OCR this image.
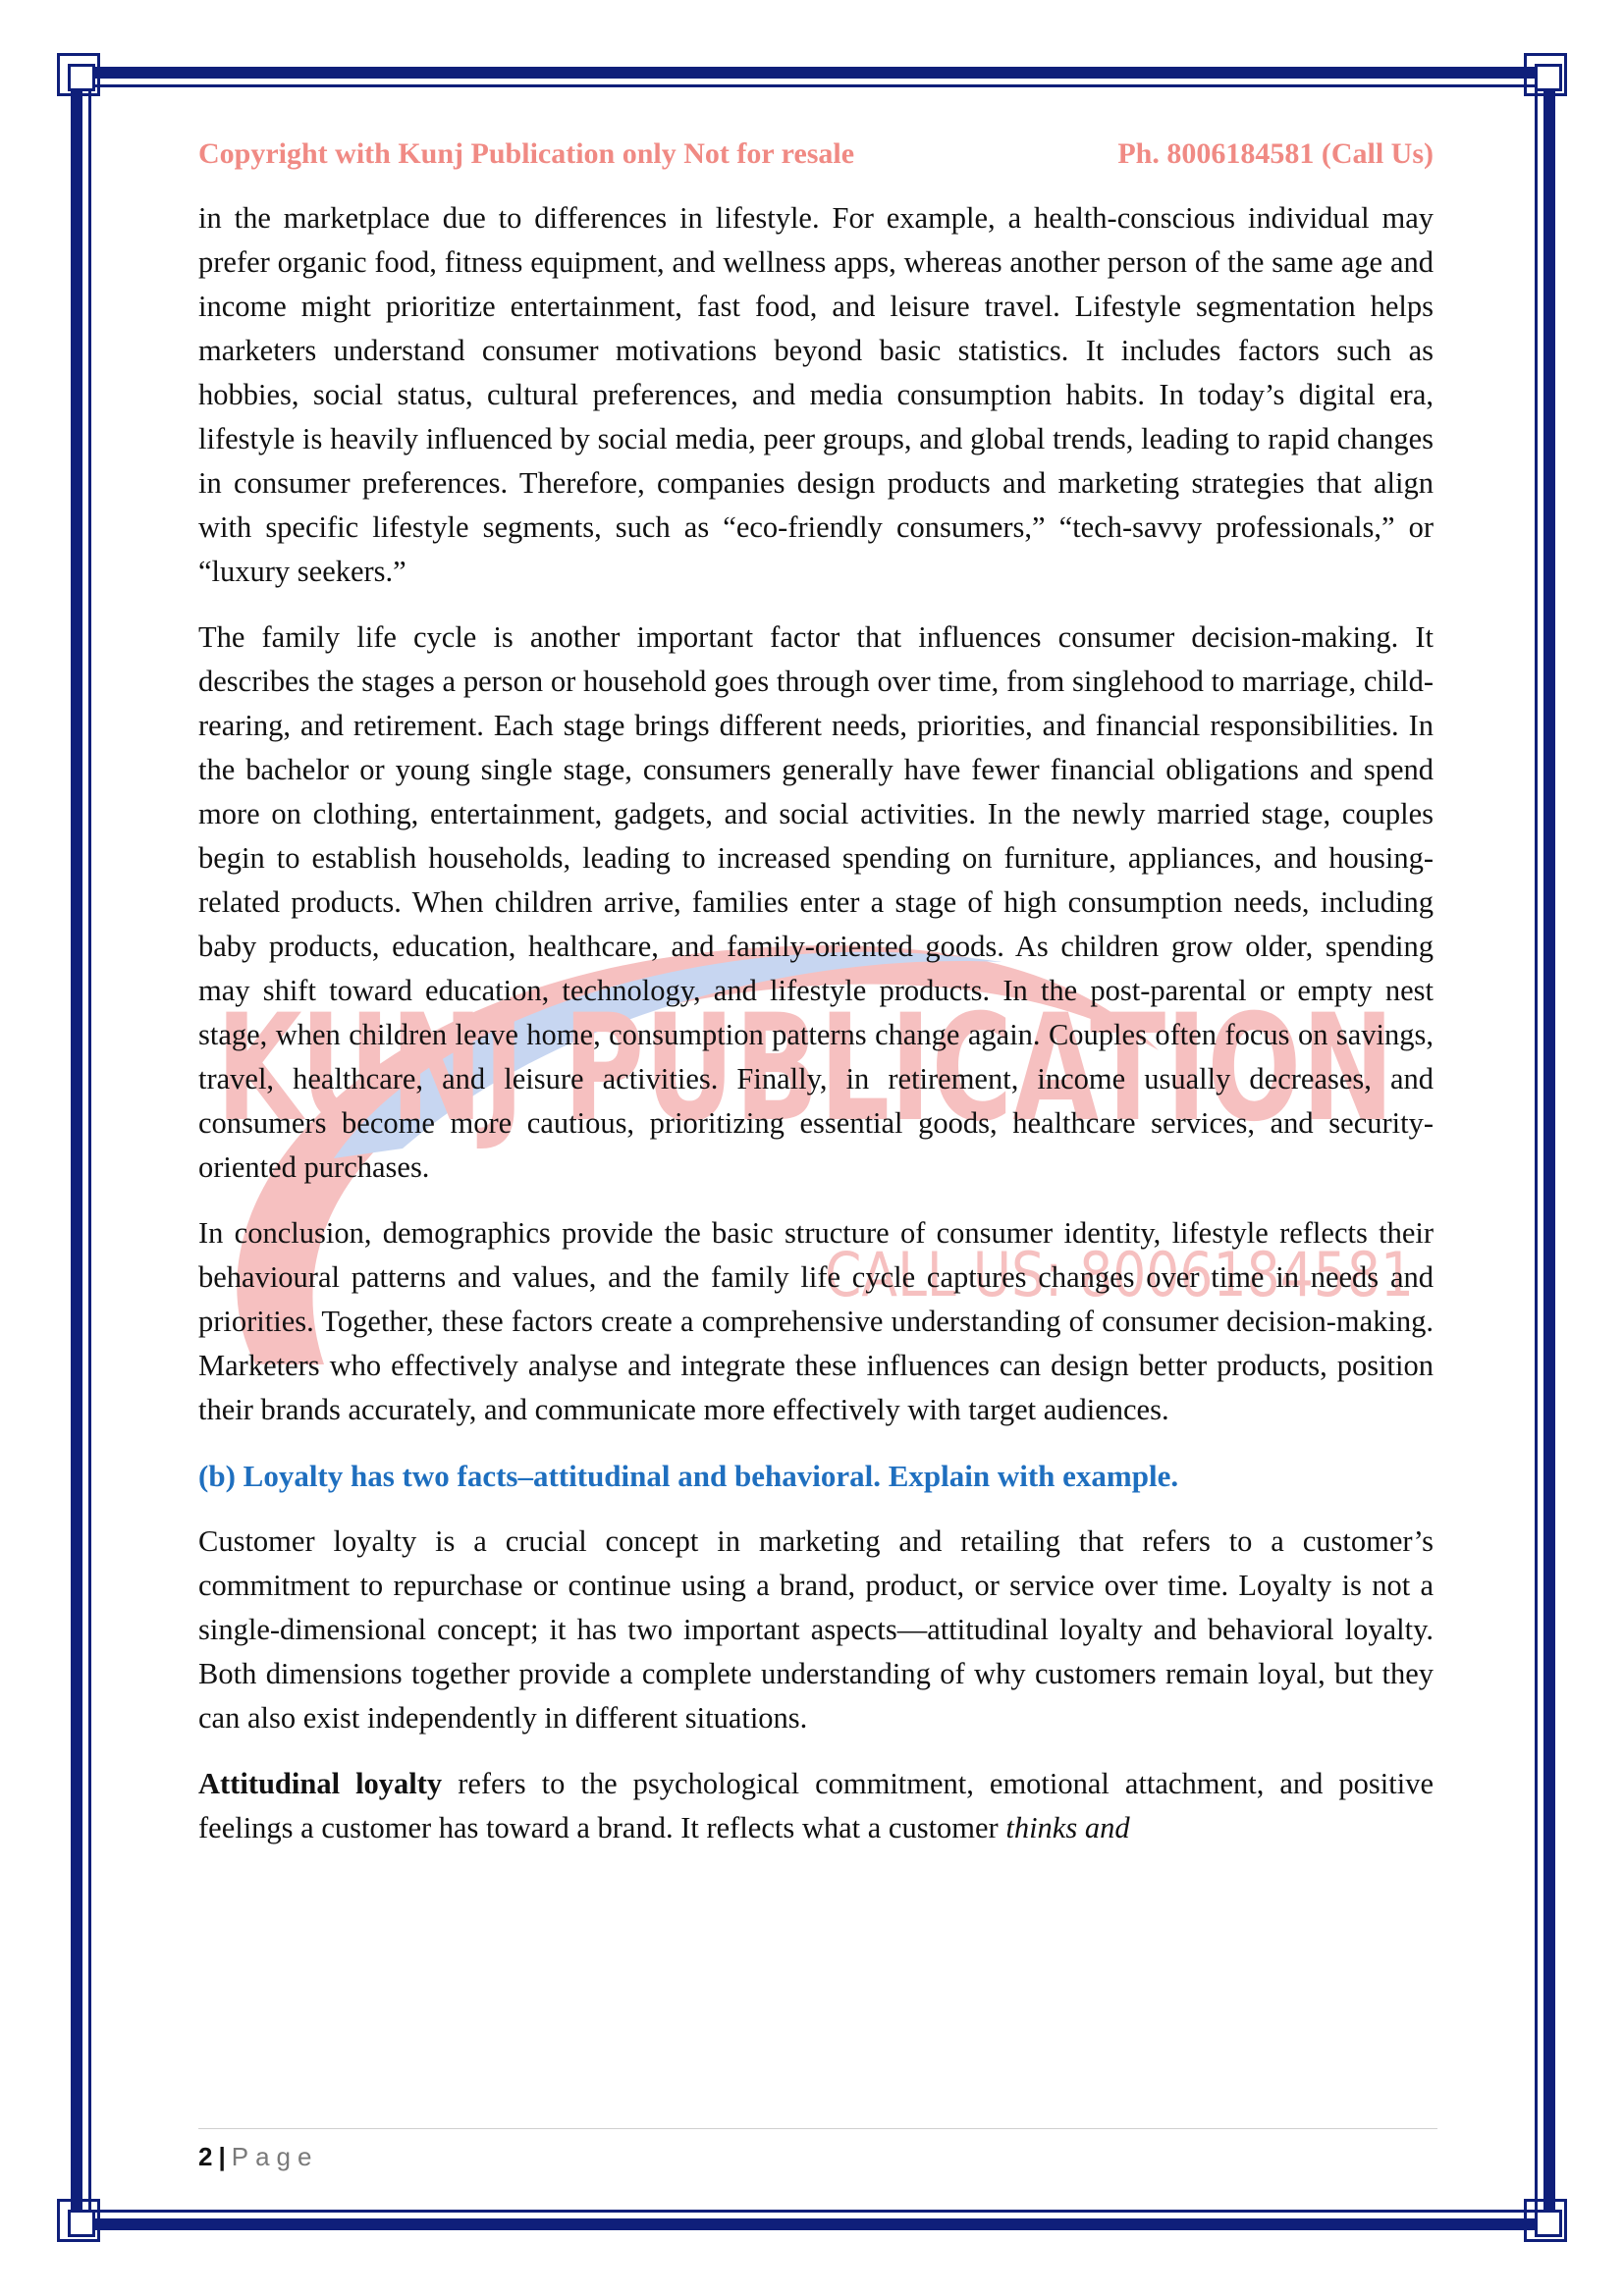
KUNJ PUBLICATION
CALL US: 8006184581
Copyright with Kunj Publication only Not for resale	Ph. 8006184581 (Call Us)

in the marketplace due to differences in lifestyle. For example, a health-conscious individual may prefer organic food, fitness equipment, and wellness apps, whereas another person of the same age and income might prioritize entertainment, fast food, and leisure travel. Lifestyle segmentation helps marketers understand consumer motivations beyond basic statistics. It includes factors such as hobbies, social status, cultural preferences, and media consumption habits. In today’s digital era, lifestyle is heavily influenced by social media, peer groups, and global trends, leading to rapid changes in consumer preferences. Therefore, companies design products and marketing strategies that align with specific lifestyle segments, such as “eco-friendly consumers,” “tech-savvy professionals,” or “luxury seekers.”

The family life cycle is another important factor that influences consumer decision-making. It describes the stages a person or household goes through over time, from singlehood to marriage, child-rearing, and retirement. Each stage brings different needs, priorities, and financial responsibilities. In the bachelor or young single stage, consumers generally have fewer financial obligations and spend more on clothing, entertainment, gadgets, and social activities. In the newly married stage, couples begin to establish households, leading to increased spending on furniture, appliances, and housing-related products. When children arrive, families enter a stage of high consumption needs, including baby products, education, healthcare, and family-oriented goods. As children grow older, spending may shift toward education, technology, and lifestyle products. In the post-parental or empty nest stage, when children leave home, consumption patterns change again. Couples often focus on savings, travel, healthcare, and leisure activities. Finally, in retirement, income usually decreases, and consumers become more cautious, prioritizing essential goods, healthcare services, and security-oriented purchases.

In conclusion, demographics provide the basic structure of consumer identity, lifestyle reflects their behavioural patterns and values, and the family life cycle captures changes over time in needs and priorities. Together, these factors create a comprehensive understanding of consumer decision-making. Marketers who effectively analyse and integrate these influences can design better products, position their brands accurately, and communicate more effectively with target audiences.

(b) Loyalty has two facts–attitudinal and behavioral. Explain with example.

Customer loyalty is a crucial concept in marketing and retailing that refers to a customer’s commitment to repurchase or continue using a brand, product, or service over time. Loyalty is not a single-dimensional concept; it has two important aspects—attitudinal loyalty and behavioral loyalty. Both dimensions together provide a complete understanding of why customers remain loyal, but they can also exist independently in different situations.

Attitudinal loyalty refers to the psychological commitment, emotional attachment, and positive feelings a customer has toward a brand. It reflects what a customer thinks and

2 | Page
